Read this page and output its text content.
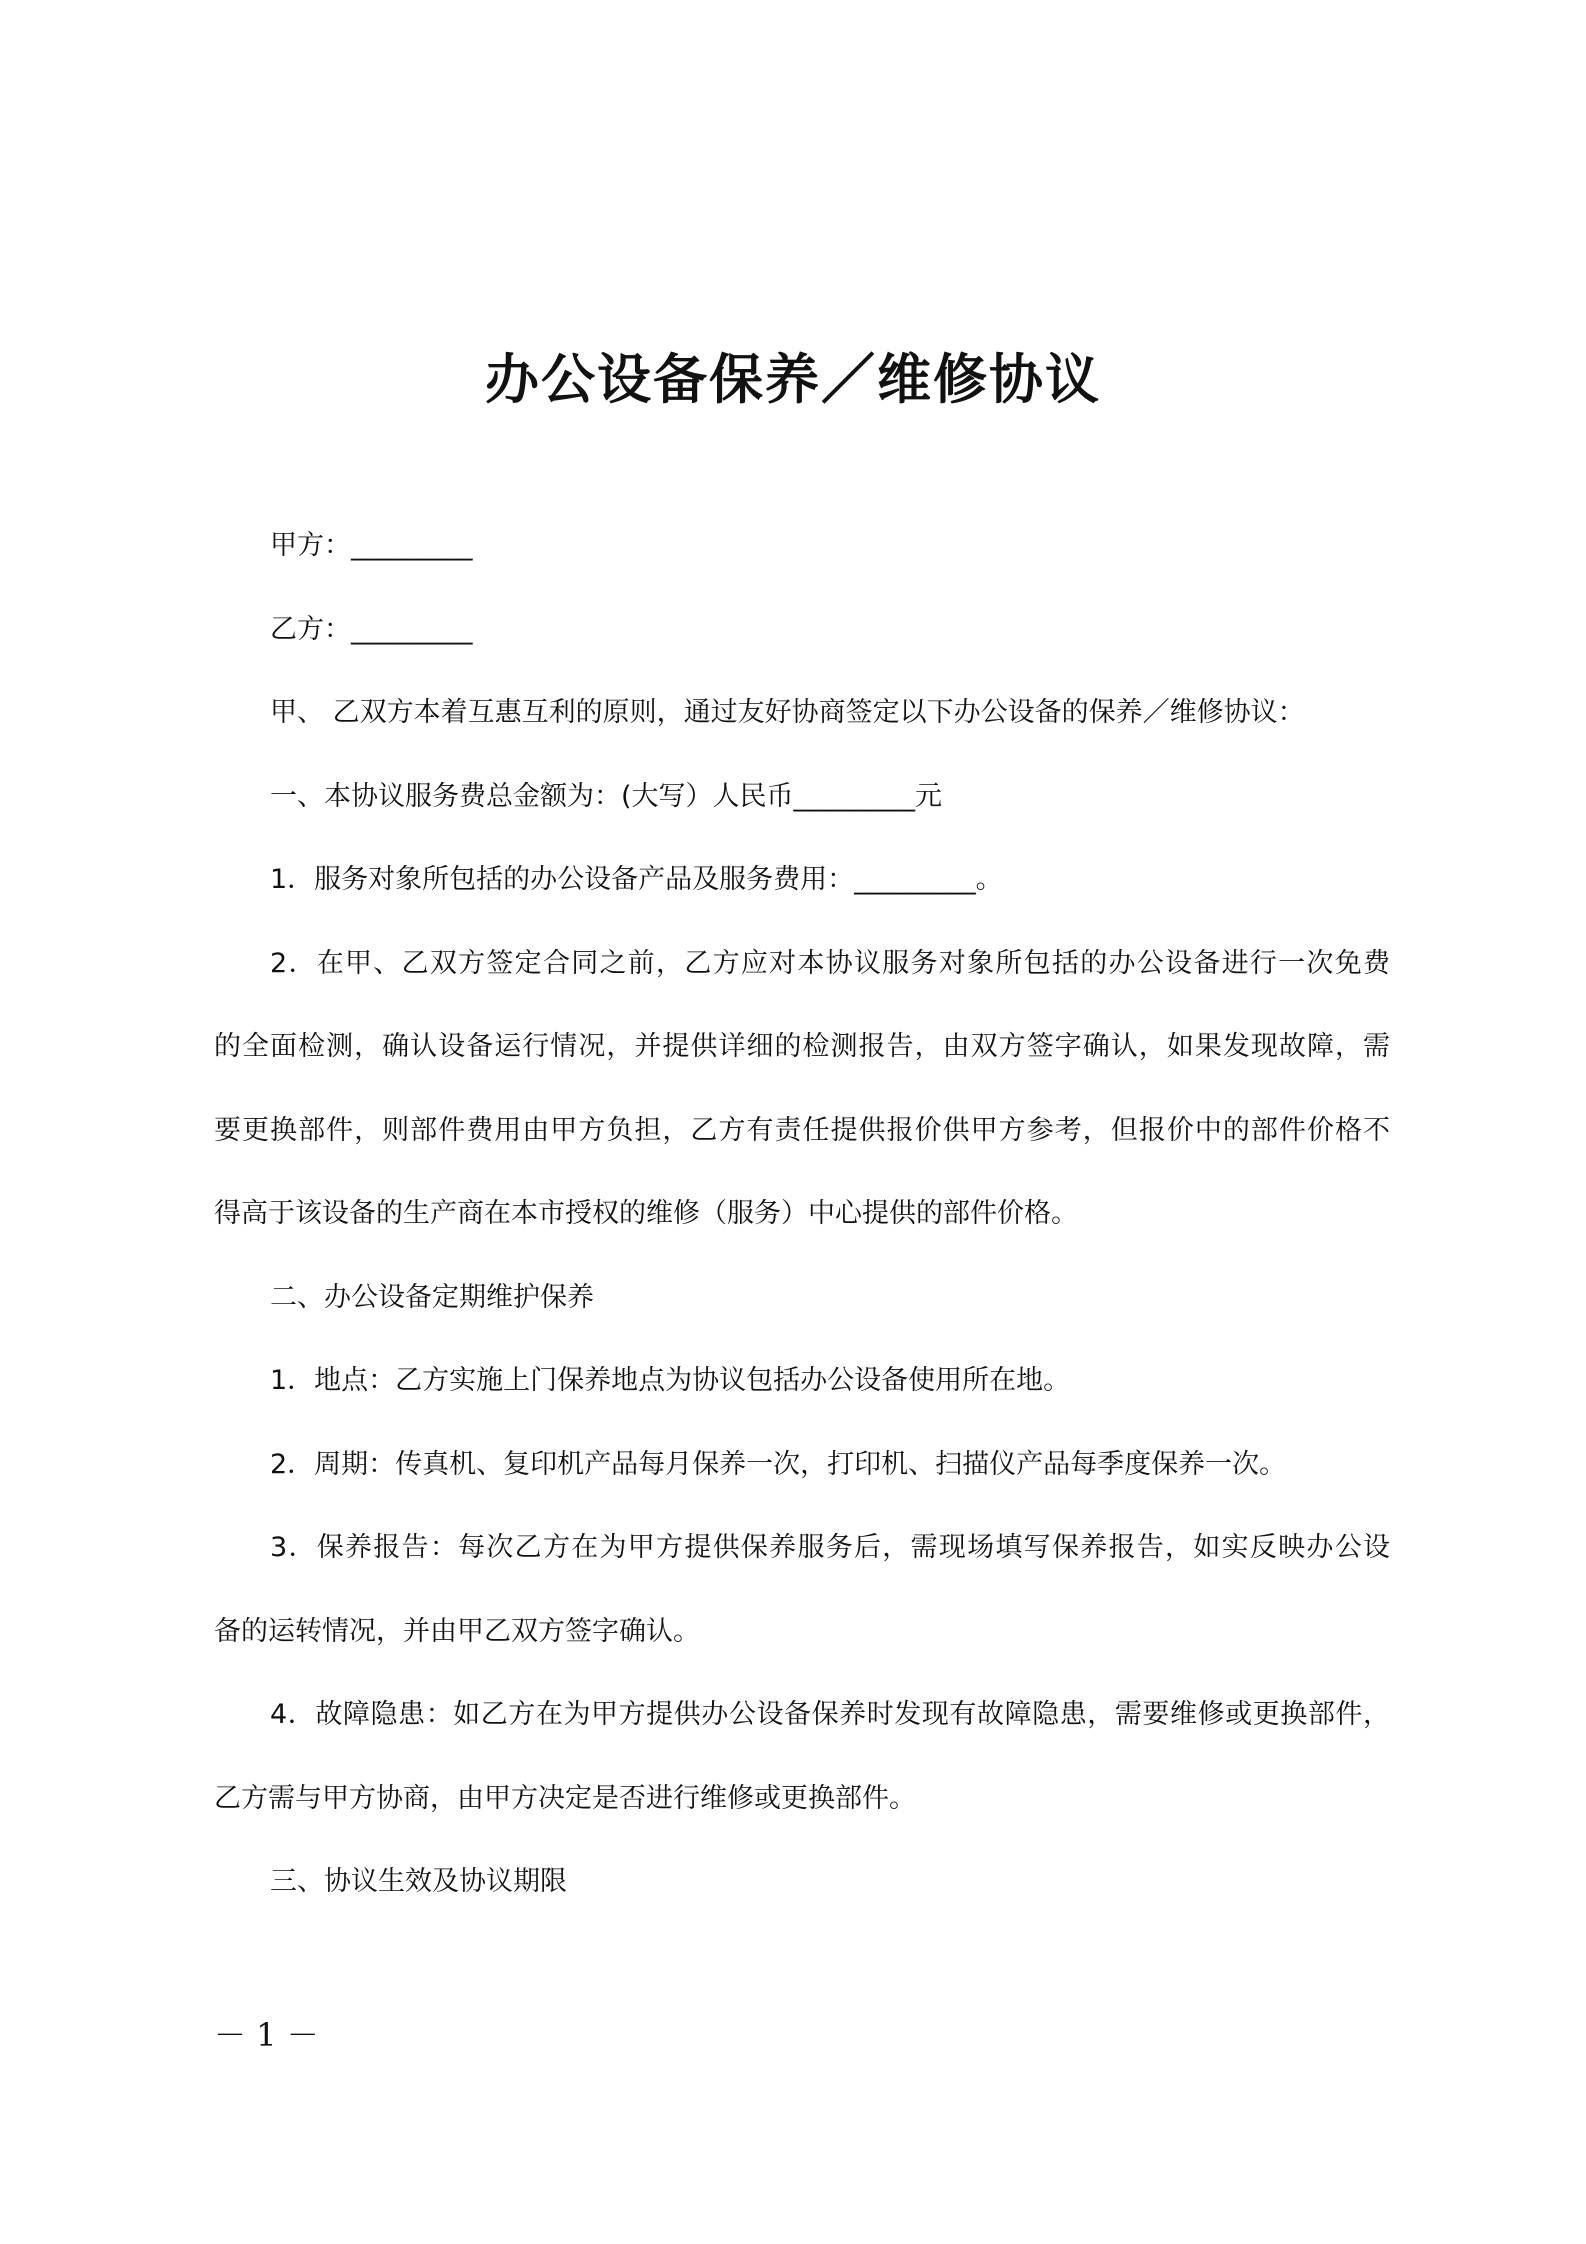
办公设备保养／维修协议

甲方：_________

乙方：_________

甲、 乙双方本着互惠互利的原则，通过友好协商签定以下办公设备的保养／维修协议：

一、本协议服务费总金额为：(大写）人民币_________元

1．服务对象所包括的办公设备产品及服务费用：_________。

2．在甲、乙双方签定合同之前，乙方应对本协议服务对象所包括的办公设备进行一次免费

的全面检测，确认设备运行情况，并提供详细的检测报告，由双方签字确认，如果发现故障，需

要更换部件，则部件费用由甲方负担，乙方有责任提供报价供甲方参考，但报价中的部件价格不

得高于该设备的生产商在本市授权的维修（服务）中心提供的部件价格。

二、办公设备定期维护保养

1．地点：乙方实施上门保养地点为协议包括办公设备使用所在地。

2．周期：传真机、复印机产品每月保养一次，打印机、扫描仪产品每季度保养一次。

3．保养报告：每次乙方在为甲方提供保养服务后，需现场填写保养报告，如实反映办公设

备的运转情况，并由甲乙双方签字确认。

4．故障隐患：如乙方在为甲方提供办公设备保养时发现有故障隐患，需要维修或更换部件，

乙方需与甲方协商，由甲方决定是否进行维修或更换部件。

三、协议生效及协议期限

－ 1 －
